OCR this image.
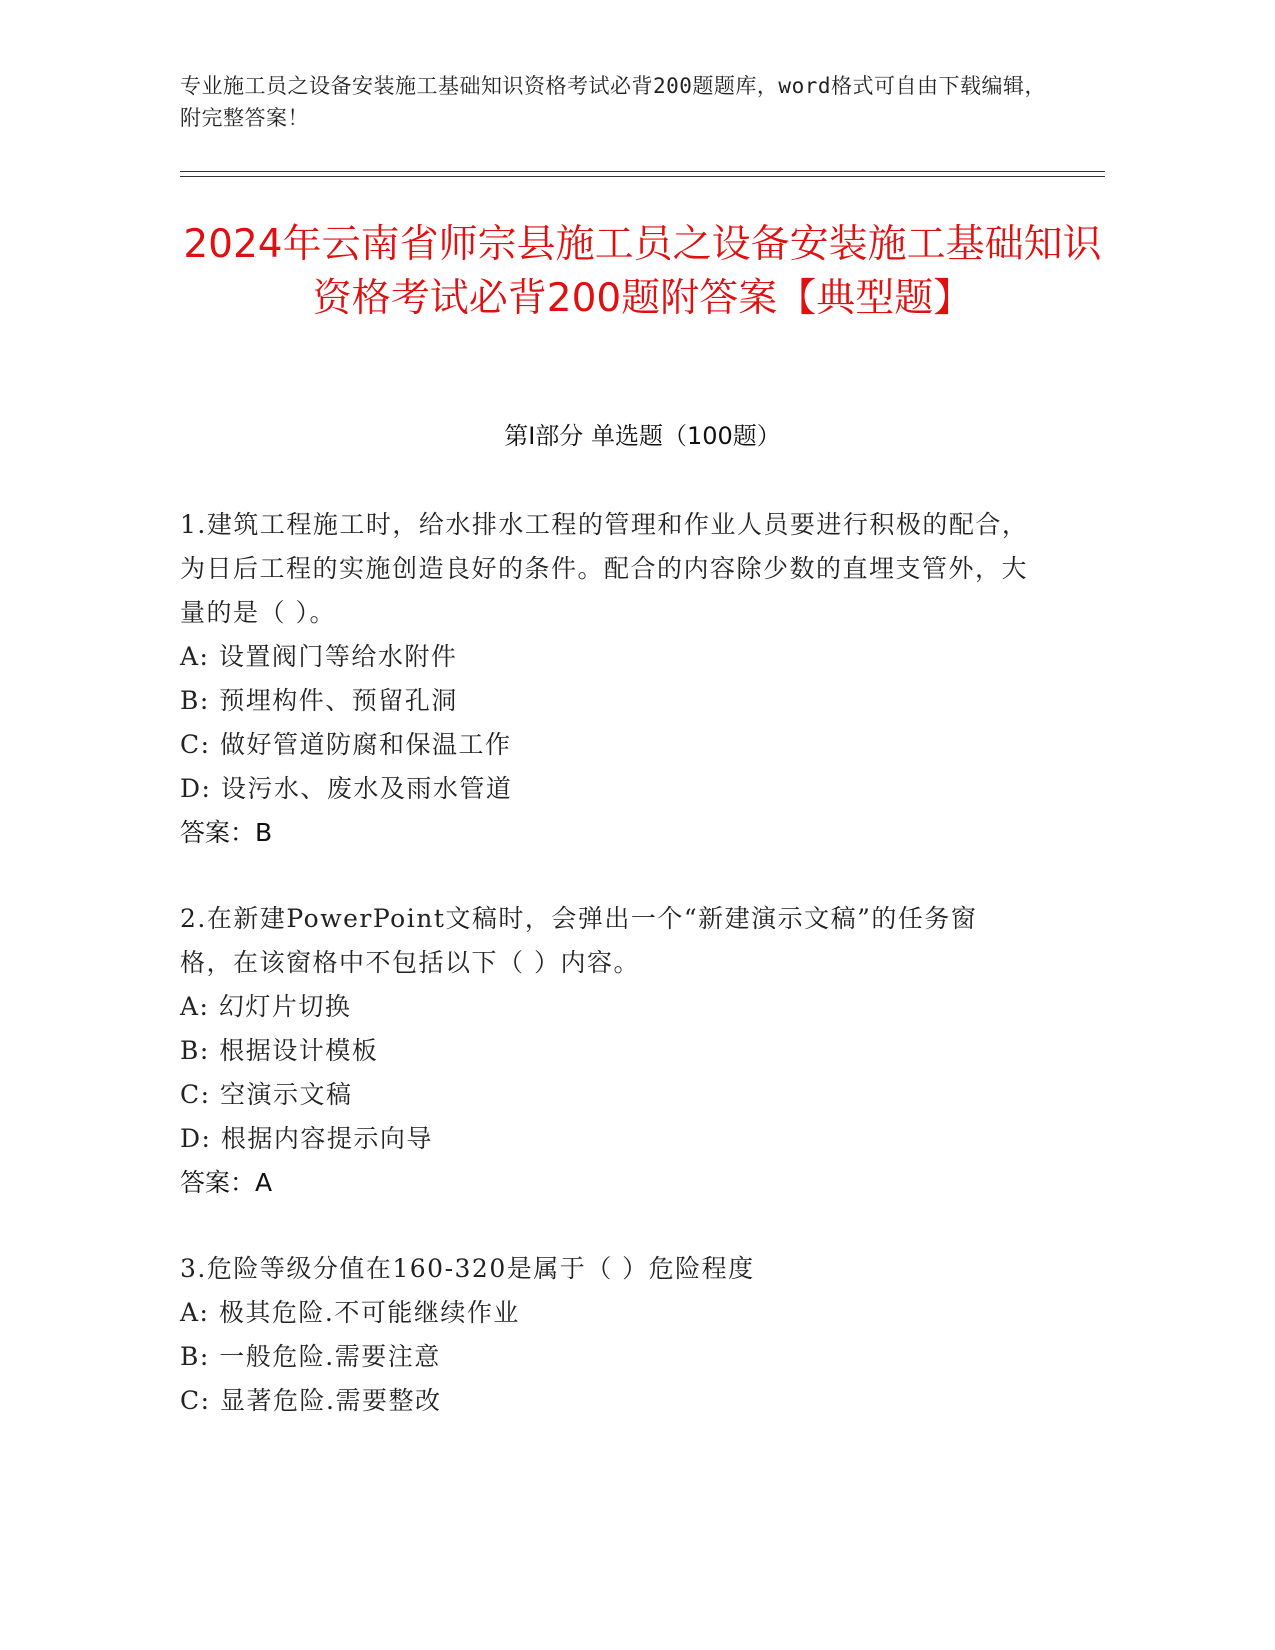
专业施工员之设备安装施工基础知识资格考试必背200题题库，word格式可自由下载编辑，附完整答案！
2024年云南省师宗县施工员之设备安装施工基础知识资格考试必背200题附答案【典型题】
第I部分 单选题（100题）
1.建筑工程施工时，给水排水工程的管理和作业人员要进行积极的配合，为日后工程的实施创造良好的条件。配合的内容除少数的直埋支管外，大量的是（ ）。
A: 设置阀门等给水附件
B: 预埋构件、预留孔洞
C: 做好管道防腐和保温工作
D: 设污水、废水及雨水管道
答案：B
2.在新建PowerPoint文稿时，会弹出一个“新建演示文稿”的任务窗格，在该窗格中不包括以下（ ）内容。
A: 幻灯片切换
B: 根据设计模板
C: 空演示文稿
D: 根据内容提示向导
答案：A
3.危险等级分值在160-320是属于（ ）危险程度
A: 极其危险.不可能继续作业
B: 一般危险.需要注意
C: 显著危险.需要整改
